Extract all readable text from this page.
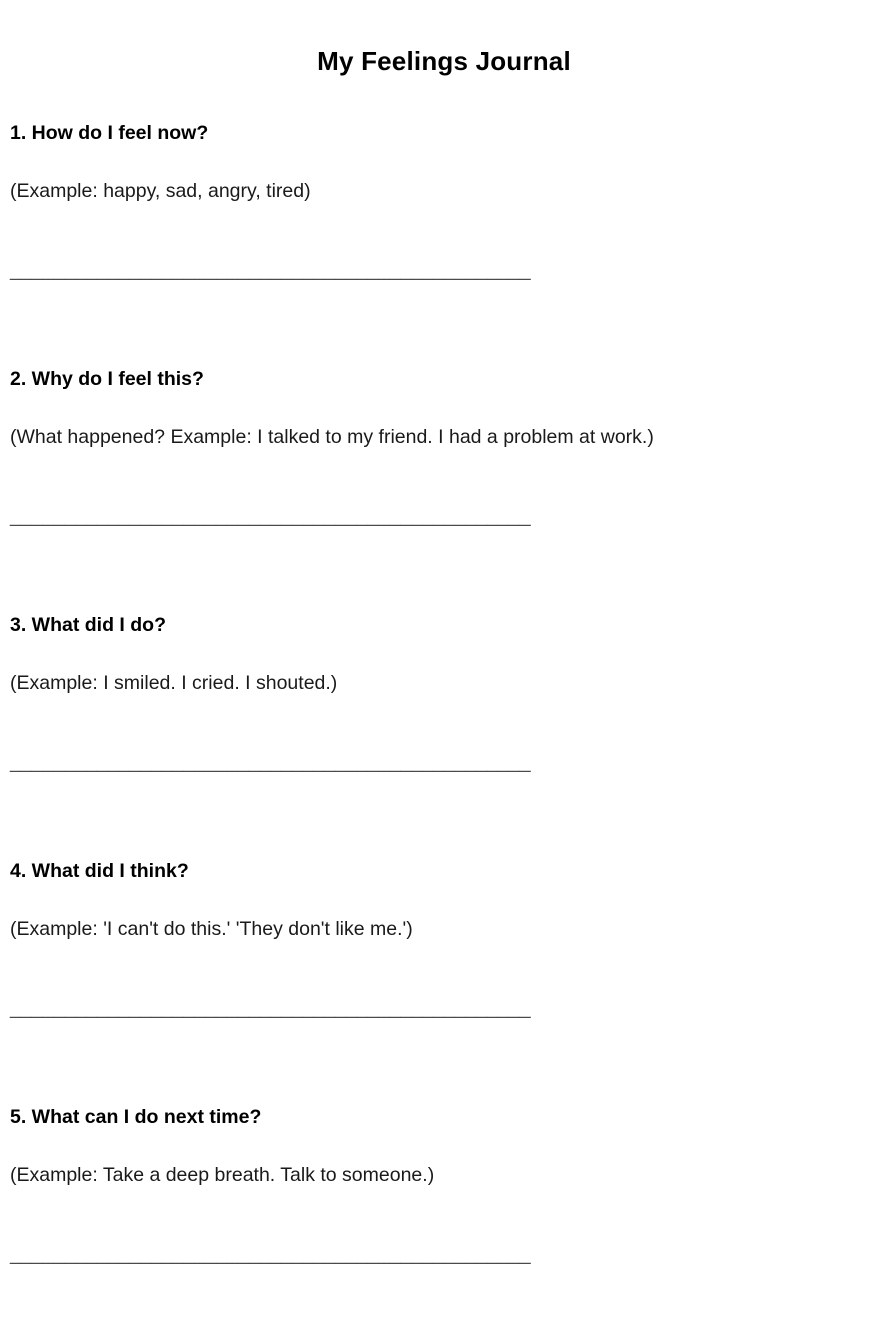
My Feelings Journal
1. How do I feel now?

(Example: happy, sad, angry, tired)

________________________________________________

2. Why do I feel this?

(What happened? Example: I talked to my friend. I had a problem at work.)

________________________________________________

3. What did I do?

(Example: I smiled. I cried. I shouted.)

________________________________________________

4. What did I think?

(Example: 'I can't do this.' 'They don't like me.')

________________________________________________

5. What can I do next time?

(Example: Take a deep breath. Talk to someone.)

________________________________________________
